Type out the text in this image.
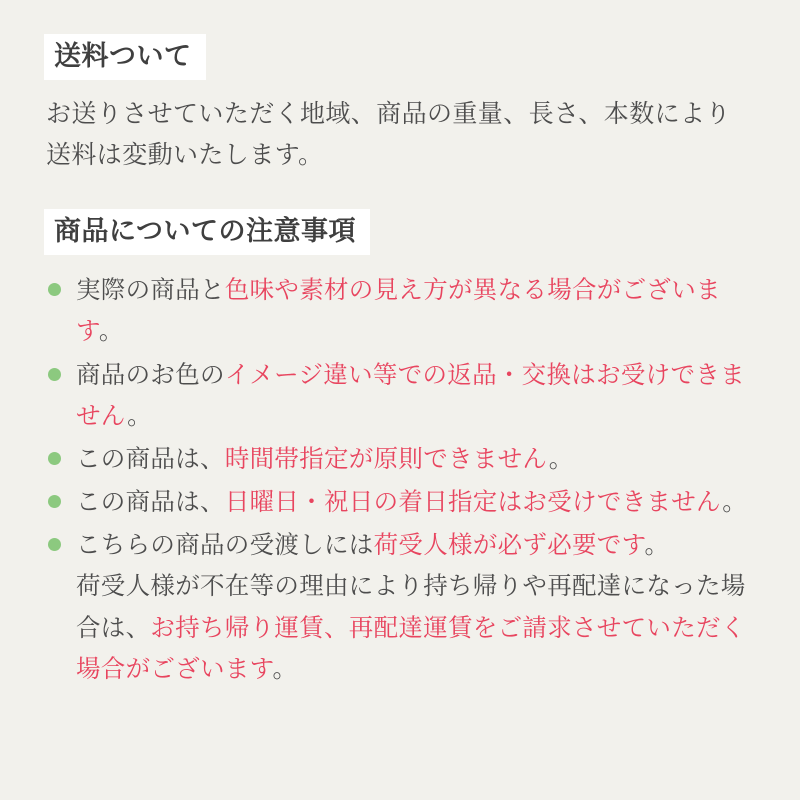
送料ついて

お送りさせていただく地域、商品の重量、長さ、本数により送料は変動いたします。

商品についての注意事項
実際の商品と色味や素材の見え方が異なる場合がございます。
商品のお色のイメージ違い等での返品・交換はお受けできません。
この商品は、時間帯指定が原則できません。
この商品は、日曜日・祝日の着日指定はお受けできません。
こちらの商品の受渡しには荷受人様が必ず必要です。
荷受人様が不在等の理由により持ち帰りや再配達になった場合は、お持ち帰り運賃、再配達運賃をご請求させていただく場合がございます。
